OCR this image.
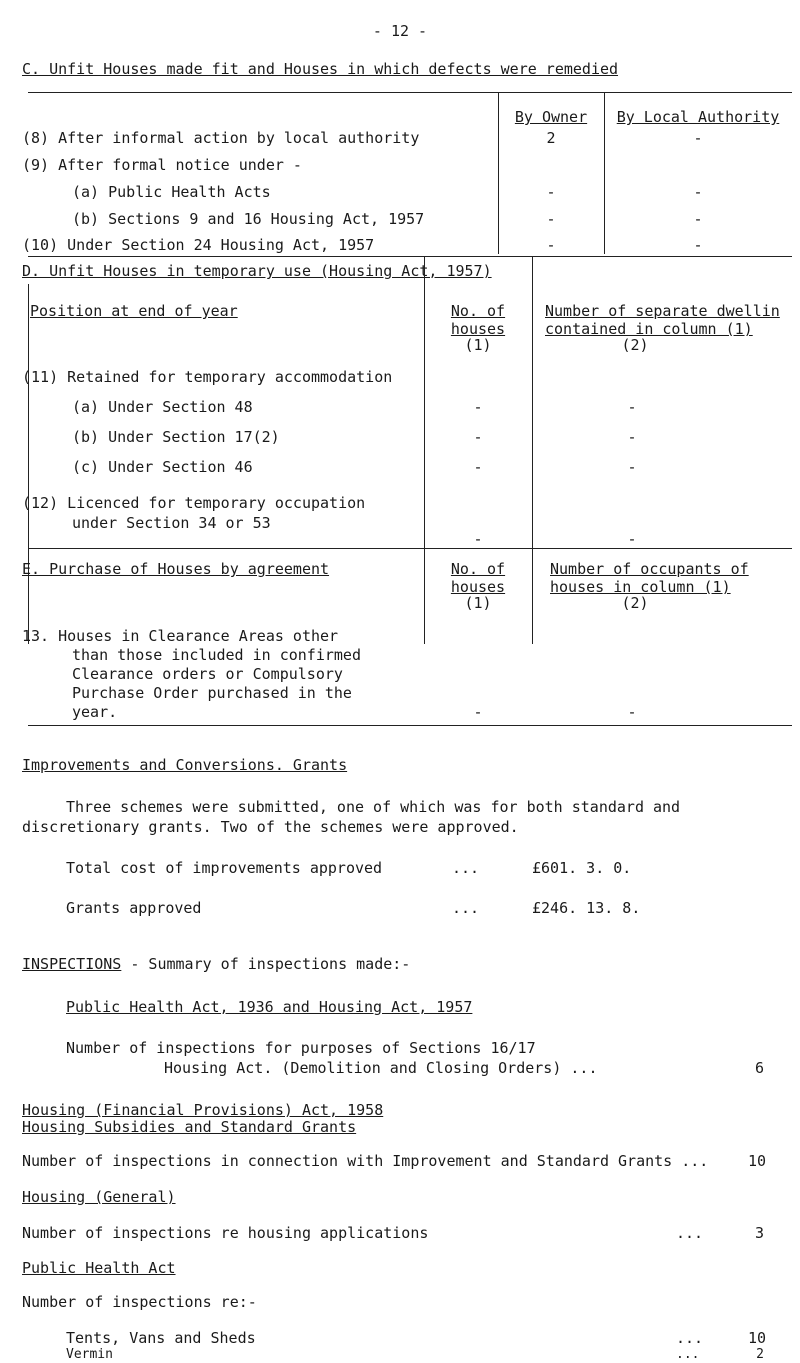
- 12 -
C. Unfit Houses made fit and Houses in which defects were remedied
By Owner	By Local Authority
(8) After informal action by local authority	2	-
(9) After formal notice under -
(a) Public Health Acts	-	-
(b) Sections 9 and 16 Housing Act, 1957	-	-
(10) Under Section 24 Housing Act, 1957	-	-
D. Unfit Houses in temporary use (Housing Act, 1957)
Position at end of year	No. of
houses
(1)
Number of separate dwellin
contained in column (1)
(2)
(11) Retained for temporary accommodation
(a) Under Section 48	-	-
(b) Under Section 17(2)	-	-
(c) Under Section 46	-	-
(12) Licenced for temporary occupation
under Section 34 or 53
-	-
E. Purchase of Houses by agreement	No. of
houses
(1)
Number of occupants of
houses in column (1)
(2)
13. Houses in Clearance Areas other
than those included in confirmed
Clearance orders or Compulsory
Purchase Order purchased in the
year.	-	-
Improvements and Conversions. Grants
Three schemes were submitted, one of which was for both standard and
discretionary grants. Two of the schemes were approved.
Total cost of improvements approved	...	£601. 3. 0.
Grants approved	...	£246. 13. 8.
INSPECTIONS - Summary of inspections made:-
Public Health Act, 1936 and Housing Act, 1957
Number of inspections for purposes of Sections 16/17
Housing Act. (Demolition and Closing Orders) ...	6
Housing (Financial Provisions) Act, 1958
Housing Subsidies and Standard Grants
Number of inspections in connection with Improvement and Standard Grants ...	10
Housing (General)
Number of inspections re housing applications	...	3
Public Health Act
Number of inspections re:-
Tents, Vans and Sheds	...	10
Vermin	...	2
